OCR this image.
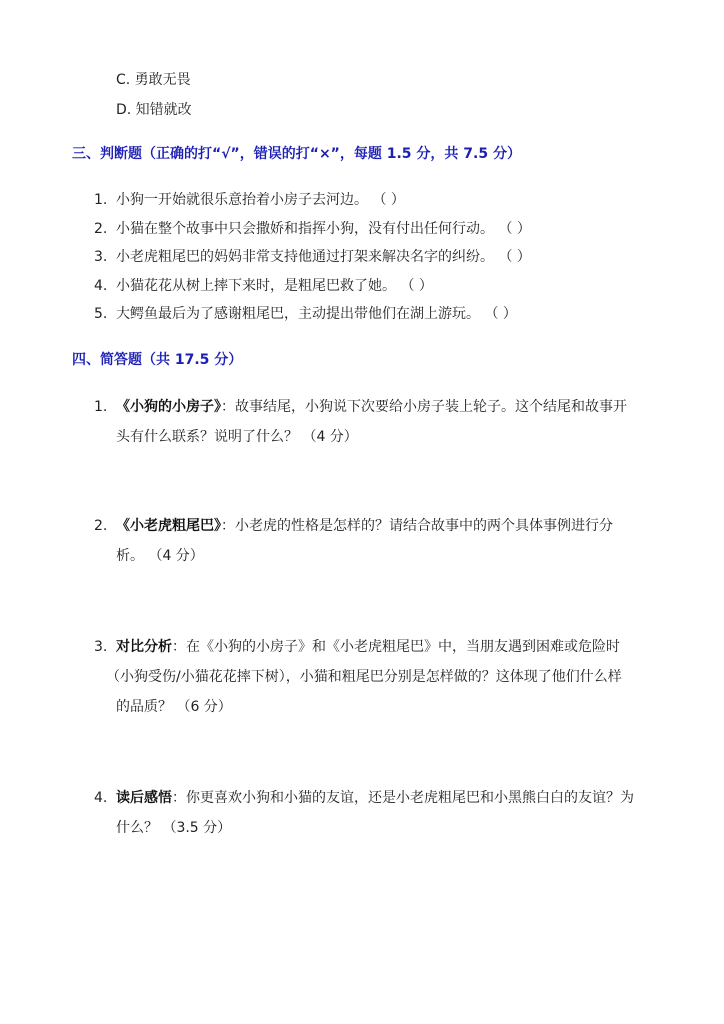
C. 勇敢无畏
D. 知错就改
三、判断题（正确的打“√”，错误的打“×”，每题 1.5 分，共 7.5 分）
1. 小狗一开始就很乐意抬着小房子去河边。 （ ）
2. 小猫在整个故事中只会撒娇和指挥小狗，没有付出任何行动。 （ ）
3. 小老虎粗尾巴的妈妈非常支持他通过打架来解决名字的纠纷。 （ ）
4. 小猫花花从树上摔下来时，是粗尾巴救了她。 （ ）
5. 大鳄鱼最后为了感谢粗尾巴，主动提出带他们在湖上游玩。 （ ）
四、简答题（共 17.5 分）
1. 《小狗的小房子》：故事结尾，小狗说下次要给小房子装上轮子。这个结尾和故事开
头有什么联系？说明了什么？ （4 分）
2. 《小老虎粗尾巴》：小老虎的性格是怎样的？请结合故事中的两个具体事例进行分
析。 （4 分）
3. 对比分析：在《小狗的小房子》和《小老虎粗尾巴》中，当朋友遇到困难或危险时
（小狗受伤/小猫花花摔下树），小猫和粗尾巴分别是怎样做的？这体现了他们什么样
的品质？ （6 分）
4. 读后感悟：你更喜欢小狗和小猫的友谊，还是小老虎粗尾巴和小黑熊白白的友谊？为
什么？ （3.5 分）
